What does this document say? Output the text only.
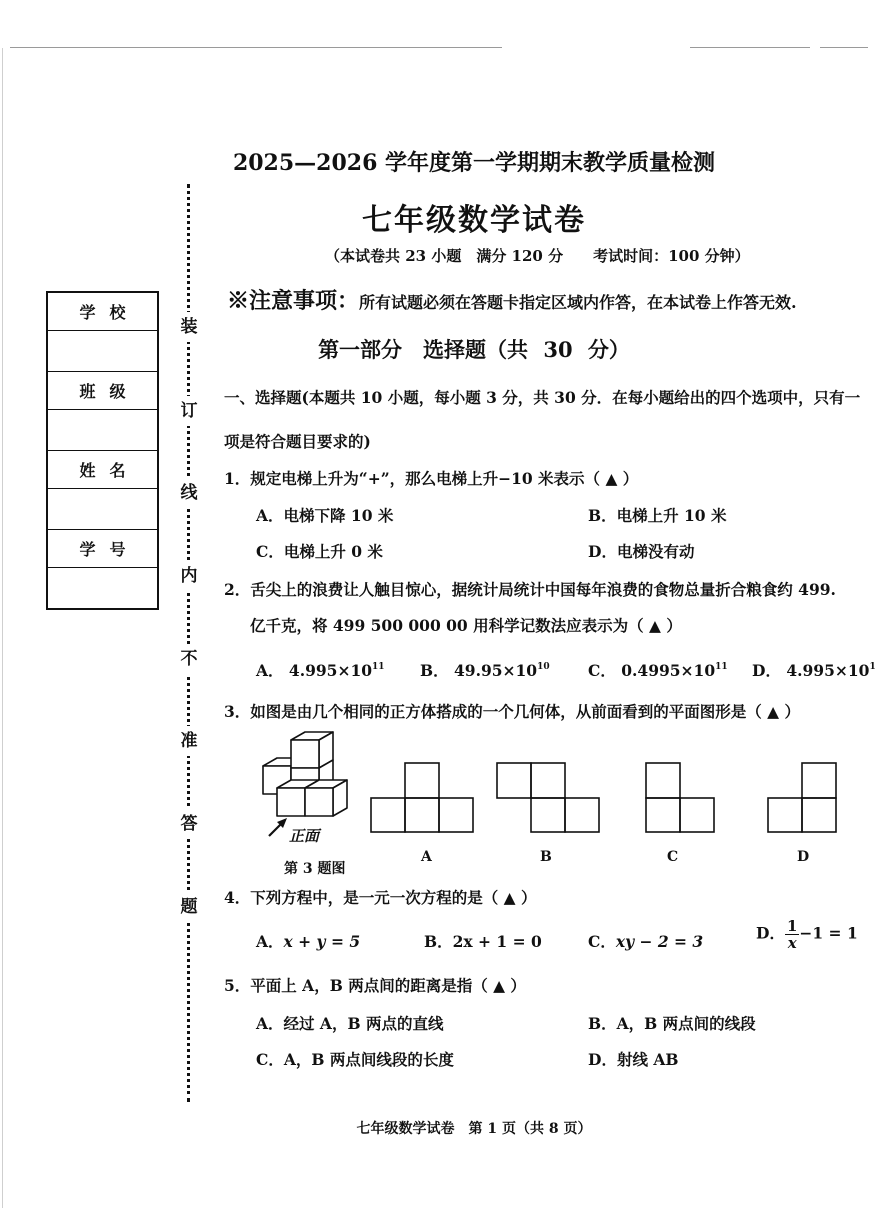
学校

班级

姓名

学号

装
订
线
内
不
准
答
题
2025—2026 学年度第一学期期末教学质量检测
七年级数学试卷
（本试卷共 23 小题　满分 120 分　　考试时间：100 分钟）
※注意事项：所有试题必须在答题卡指定区域内作答，在本试卷上作答无效.
第一部分　选择题（共 30 分）
一、选择题(本题共 10 小题，每小题 3 分，共 30 分．在每小题给出的四个选项中，只有一
项是符合题目要求的)
1．规定电梯上升为“+”，那么电梯上升−10 米表示（ ▲ ）
A．电梯下降 10 米	B．电梯上升 10 米
C．电梯上升 0 米	D．电梯没有动
2．舌尖上的浪费让人触目惊心，据统计局统计中国每年浪费的食物总量折合粮食约 499.
亿千克，将 499 500 000 00 用科学记数法应表示为（ ▲ ）
A． $4.995\times 10^{11}$ B． $49.95\times 10^{10}$ C． $0.4995\times 10^{11}$ D． $4.995\times 10^1$
3．如图是由几个相同的正方体搭成的一个几何体，从前面看到的平面图形是（ ▲ ）
正面
第 3 题图
A	B	C	D
4．下列方程中，是一元一次方程的是（ ▲ ）
A．x + y = 5	B．2x + 1 = 0	C．xy − 2 = 3	D． $\frac{1}{x} -1 = 1$
5．平面上 A，B 两点间的距离是指（ ▲ ）
A．经过 A，B 两点的直线	B．A，B 两点间的线段
C．A，B 两点间线段的长度	D．射线 AB
七年级数学试卷　第 1 页（共 8 页）
